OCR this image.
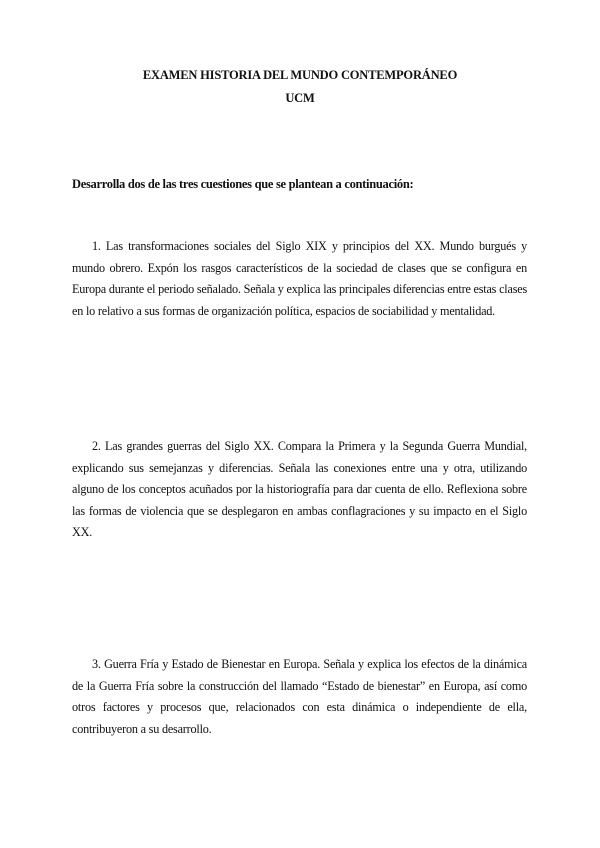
EXAMEN HISTORIA DEL MUNDO CONTEMPORÁNEO
UCM
Desarrolla dos de las tres cuestiones que se plantean a continuación:

1. Las transformaciones sociales del Siglo XIX y principios del XX. Mundo burgués y mundo obrero. Expón los rasgos característicos de la sociedad de clases que se configura en Europa durante el periodo señalado. Señala y explica las principales diferencias entre estas clases en lo relativo a sus formas de organización política, espacios de sociabilidad y mentalidad.

2. Las grandes guerras del Siglo XX. Compara la Primera y la Segunda Guerra Mundial, explicando sus semejanzas y diferencias. Señala las conexiones entre una y otra, utilizando alguno de los conceptos acuñados por la historiografía para dar cuenta de ello. Reflexiona sobre las formas de violencia que se desplegaron en ambas conflagraciones y su impacto en el Siglo XX.

3. Guerra Fría y Estado de Bienestar en Europa. Señala y explica los efectos de la dinámica de la Guerra Fría sobre la construcción del llamado “Estado de bienestar” en Europa, así como otros factores y procesos que, relacionados con esta dinámica o independiente de ella, contribuyeron a su desarrollo.
